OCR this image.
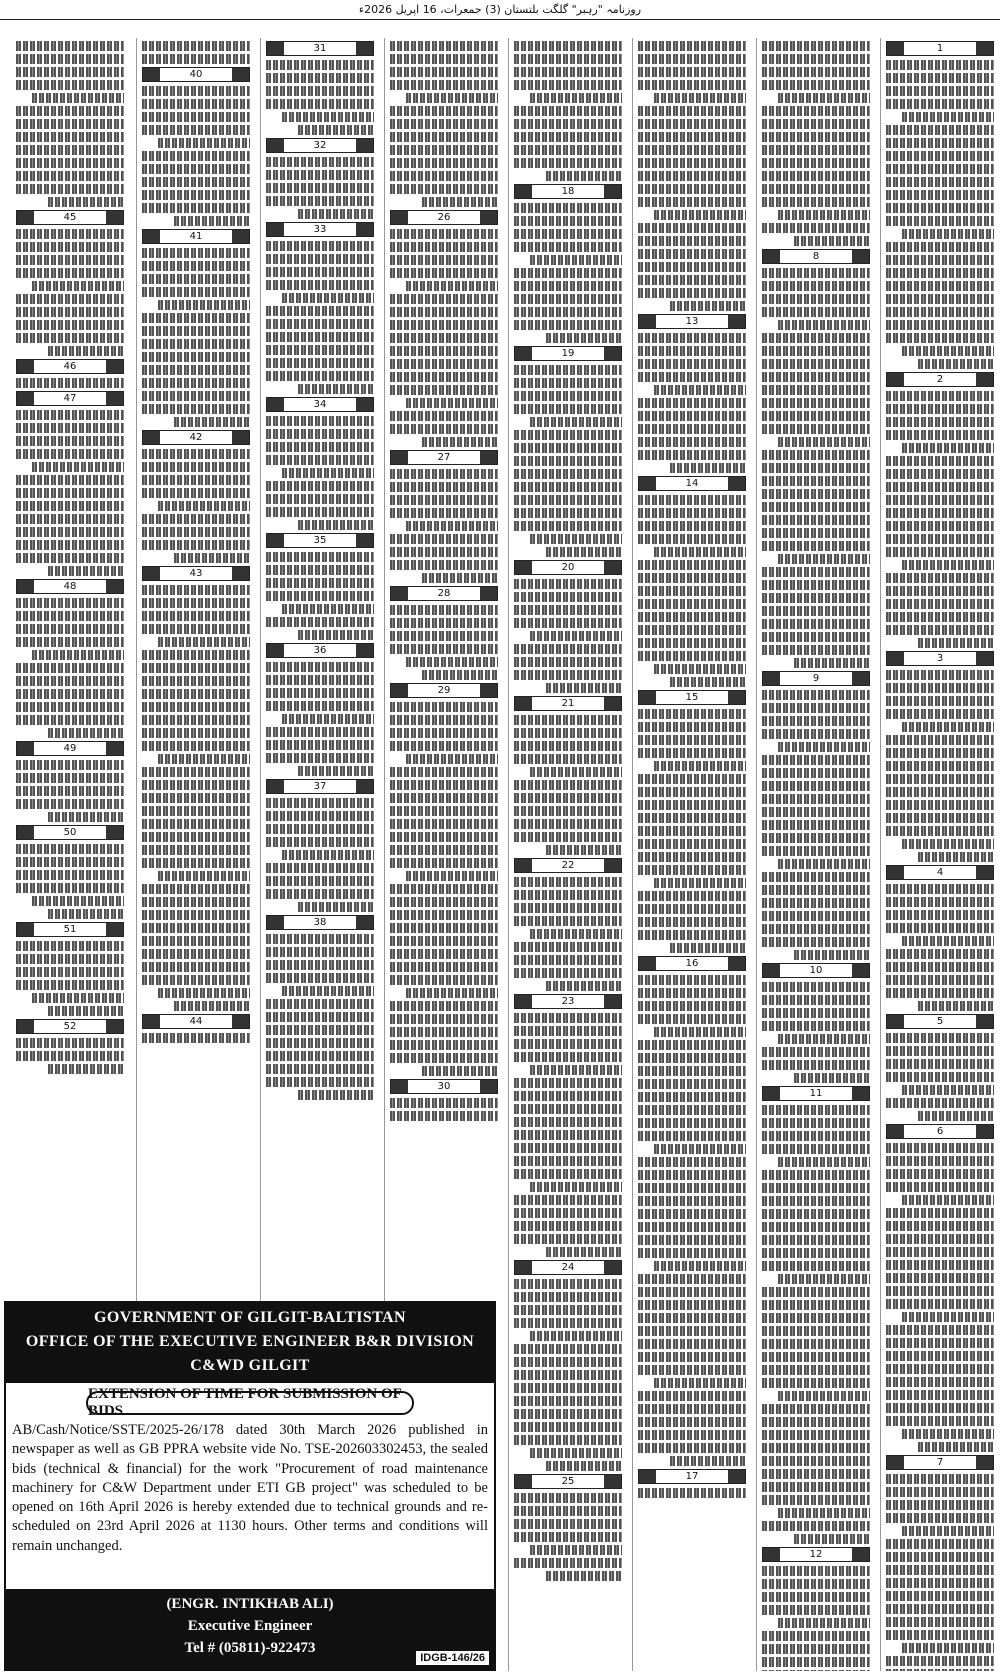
روزنامہ "رہبر" گلگت بلتستان (3) جمعرات، 16 اپریل 2026ء
1
2
3
4
5
6
7
8
9
10
11
12
13
14
15
16
17
18
19
20
21
22
23
24
25
26
27
28
29
30
31
32
33
34
35
36
37
38
40
41
42
43
44
45
46
47
48
49
50
51
52
GOVERNMENT OF GILGIT-BALTISTAN
OFFICE OF THE EXECUTIVE ENGINEER B&R DIVISION
C&WD GILGIT
EXTENSION OF TIME FOR SUBMISSION OF BIDS
AB/Cash/Notice/SSTE/2025-26/178 dated 30th March 2026 published in newspaper as well as GB PPRA website vide No. TSE-202603302453, the sealed bids (technical & financial) for the work "Procurement of road maintenance machinery for C&W Department under ETI GB project" was scheduled to be opened on 16th April 2026 is hereby extended due to technical grounds and re-scheduled on 23rd April 2026 at 1130 hours. Other terms and conditions will remain unchanged.
(ENGR. INTIKHAB ALI)
Executive Engineer
Tel # (05811)-922473
IDGB-146/26
